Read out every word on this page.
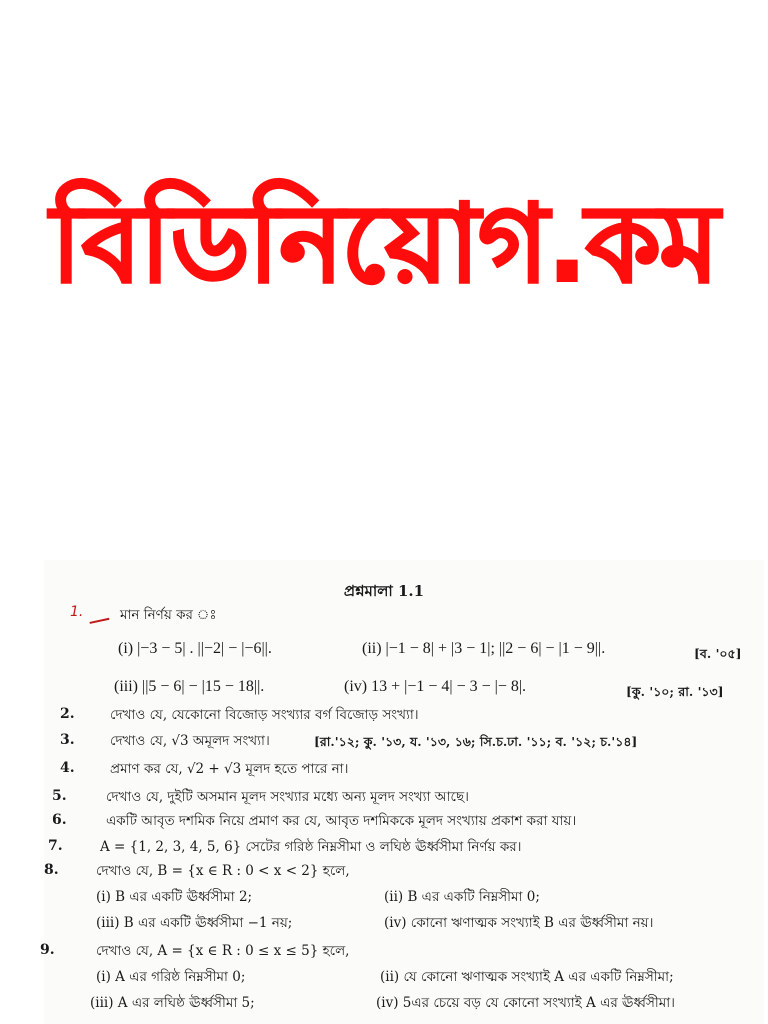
বিডিনিয়োগ.কম
প্রশ্নমালা 1.1
1.	মান নির্ণয় কর ঃ
(i) |−3 − 5| . ||−2| − |−6||.	(ii) |−1 − 8| + |3 − 1|; ||2 − 6| − |1 − 9||.	[ব. '০৫]
(iii) ||5 − 6| − |15 − 18||.	(iv) 13 + |−1 − 4| − 3 − |− 8|.	[কু. '১০; রা. '১৩]
2.	দেখাও যে, যেকোনো বিজোড় সংখ্যার বর্গ বিজোড় সংখ্যা।
3.	দেখাও যে, √3 অমূলদ সংখ্যা।	[রা.'১২; কু. '১৩, য. '১৩, ১৬; সি.চ.ঢা. '১১; ব. '১২; চ.'১৪]
4.	প্রমাণ কর যে, √2 + √3 মূলদ হতে পারে না।
5.	দেখাও যে, দুইটি অসমান মূলদ সংখ্যার মধ্যে অন্য মূলদ সংখ্যা আছে।
6.	একটি আবৃত দশমিক নিয়ে প্রমাণ কর যে, আবৃত দশমিককে মূলদ সংখ্যায় প্রকাশ করা যায়।
7.	A = {1, 2, 3, 4, 5, 6} সেটের গরিষ্ঠ নিম্নসীমা ও লঘিষ্ঠ ঊর্ধ্বসীমা নির্ণয় কর।
8.	দেখাও যে, B = {x ∈ R : 0 < x < 2} হলে,
(i) B এর একটি ঊর্ধ্বসীমা 2;	(ii) B এর একটি নিম্নসীমা 0;
(iii) B এর একটি ঊর্ধ্বসীমা −1 নয়;	(iv) কোনো ঋণাত্মক সংখ্যাই B এর ঊর্ধ্বসীমা নয়।
9.	দেখাও যে, A = {x ∈ R : 0 ≤ x ≤ 5} হলে,
(i) A এর গরিষ্ঠ নিম্নসীমা 0;	(ii) যে কোনো ঋণাত্মক সংখ্যাই A এর একটি নিম্নসীমা;
(iii) A এর লঘিষ্ঠ ঊর্ধ্বসীমা 5;	(iv) 5এর চেয়ে বড় যে কোনো সংখ্যাই A এর ঊর্ধ্বসীমা।
